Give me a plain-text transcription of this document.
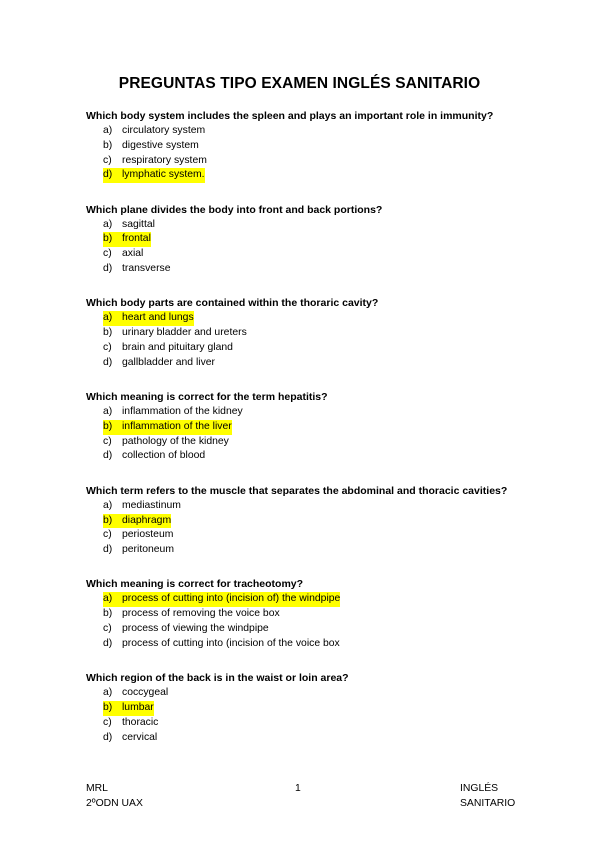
PREGUNTAS TIPO EXAMEN INGLÉS SANITARIO
Which body system includes the spleen and plays an important role in immunity?
a) circulatory system
b) digestive system
c) respiratory system
d) lymphatic system.
Which plane divides the body into front and back portions?
a) sagittal
b) frontal
c) axial
d) transverse
Which body parts are contained within the thoraric cavity?
a) heart and lungs
b) urinary bladder and ureters
c) brain and pituitary gland
d) gallbladder and liver
Which meaning is correct for the term hepatitis?
a) inflammation of the kidney
b) inflammation of the liver
c) pathology of the kidney
d) collection of blood
Which term refers to the muscle that separates the abdominal and thoracic cavities?
a) mediastinum
b) diaphragm
c) periosteum
d) peritoneum
Which meaning is correct for tracheotomy?
a) process of cutting into (incision of) the windpipe
b) process of removing the voice box
c) process of viewing the windpipe
d) process of cutting into (incision of the voice box
Which region of the back is in the waist or loin area?
a) coccygeal
b) lumbar
c) thoracic
d) cervical
MRL
2ºODN UAX
1	INGLÉS
SANITARIO
